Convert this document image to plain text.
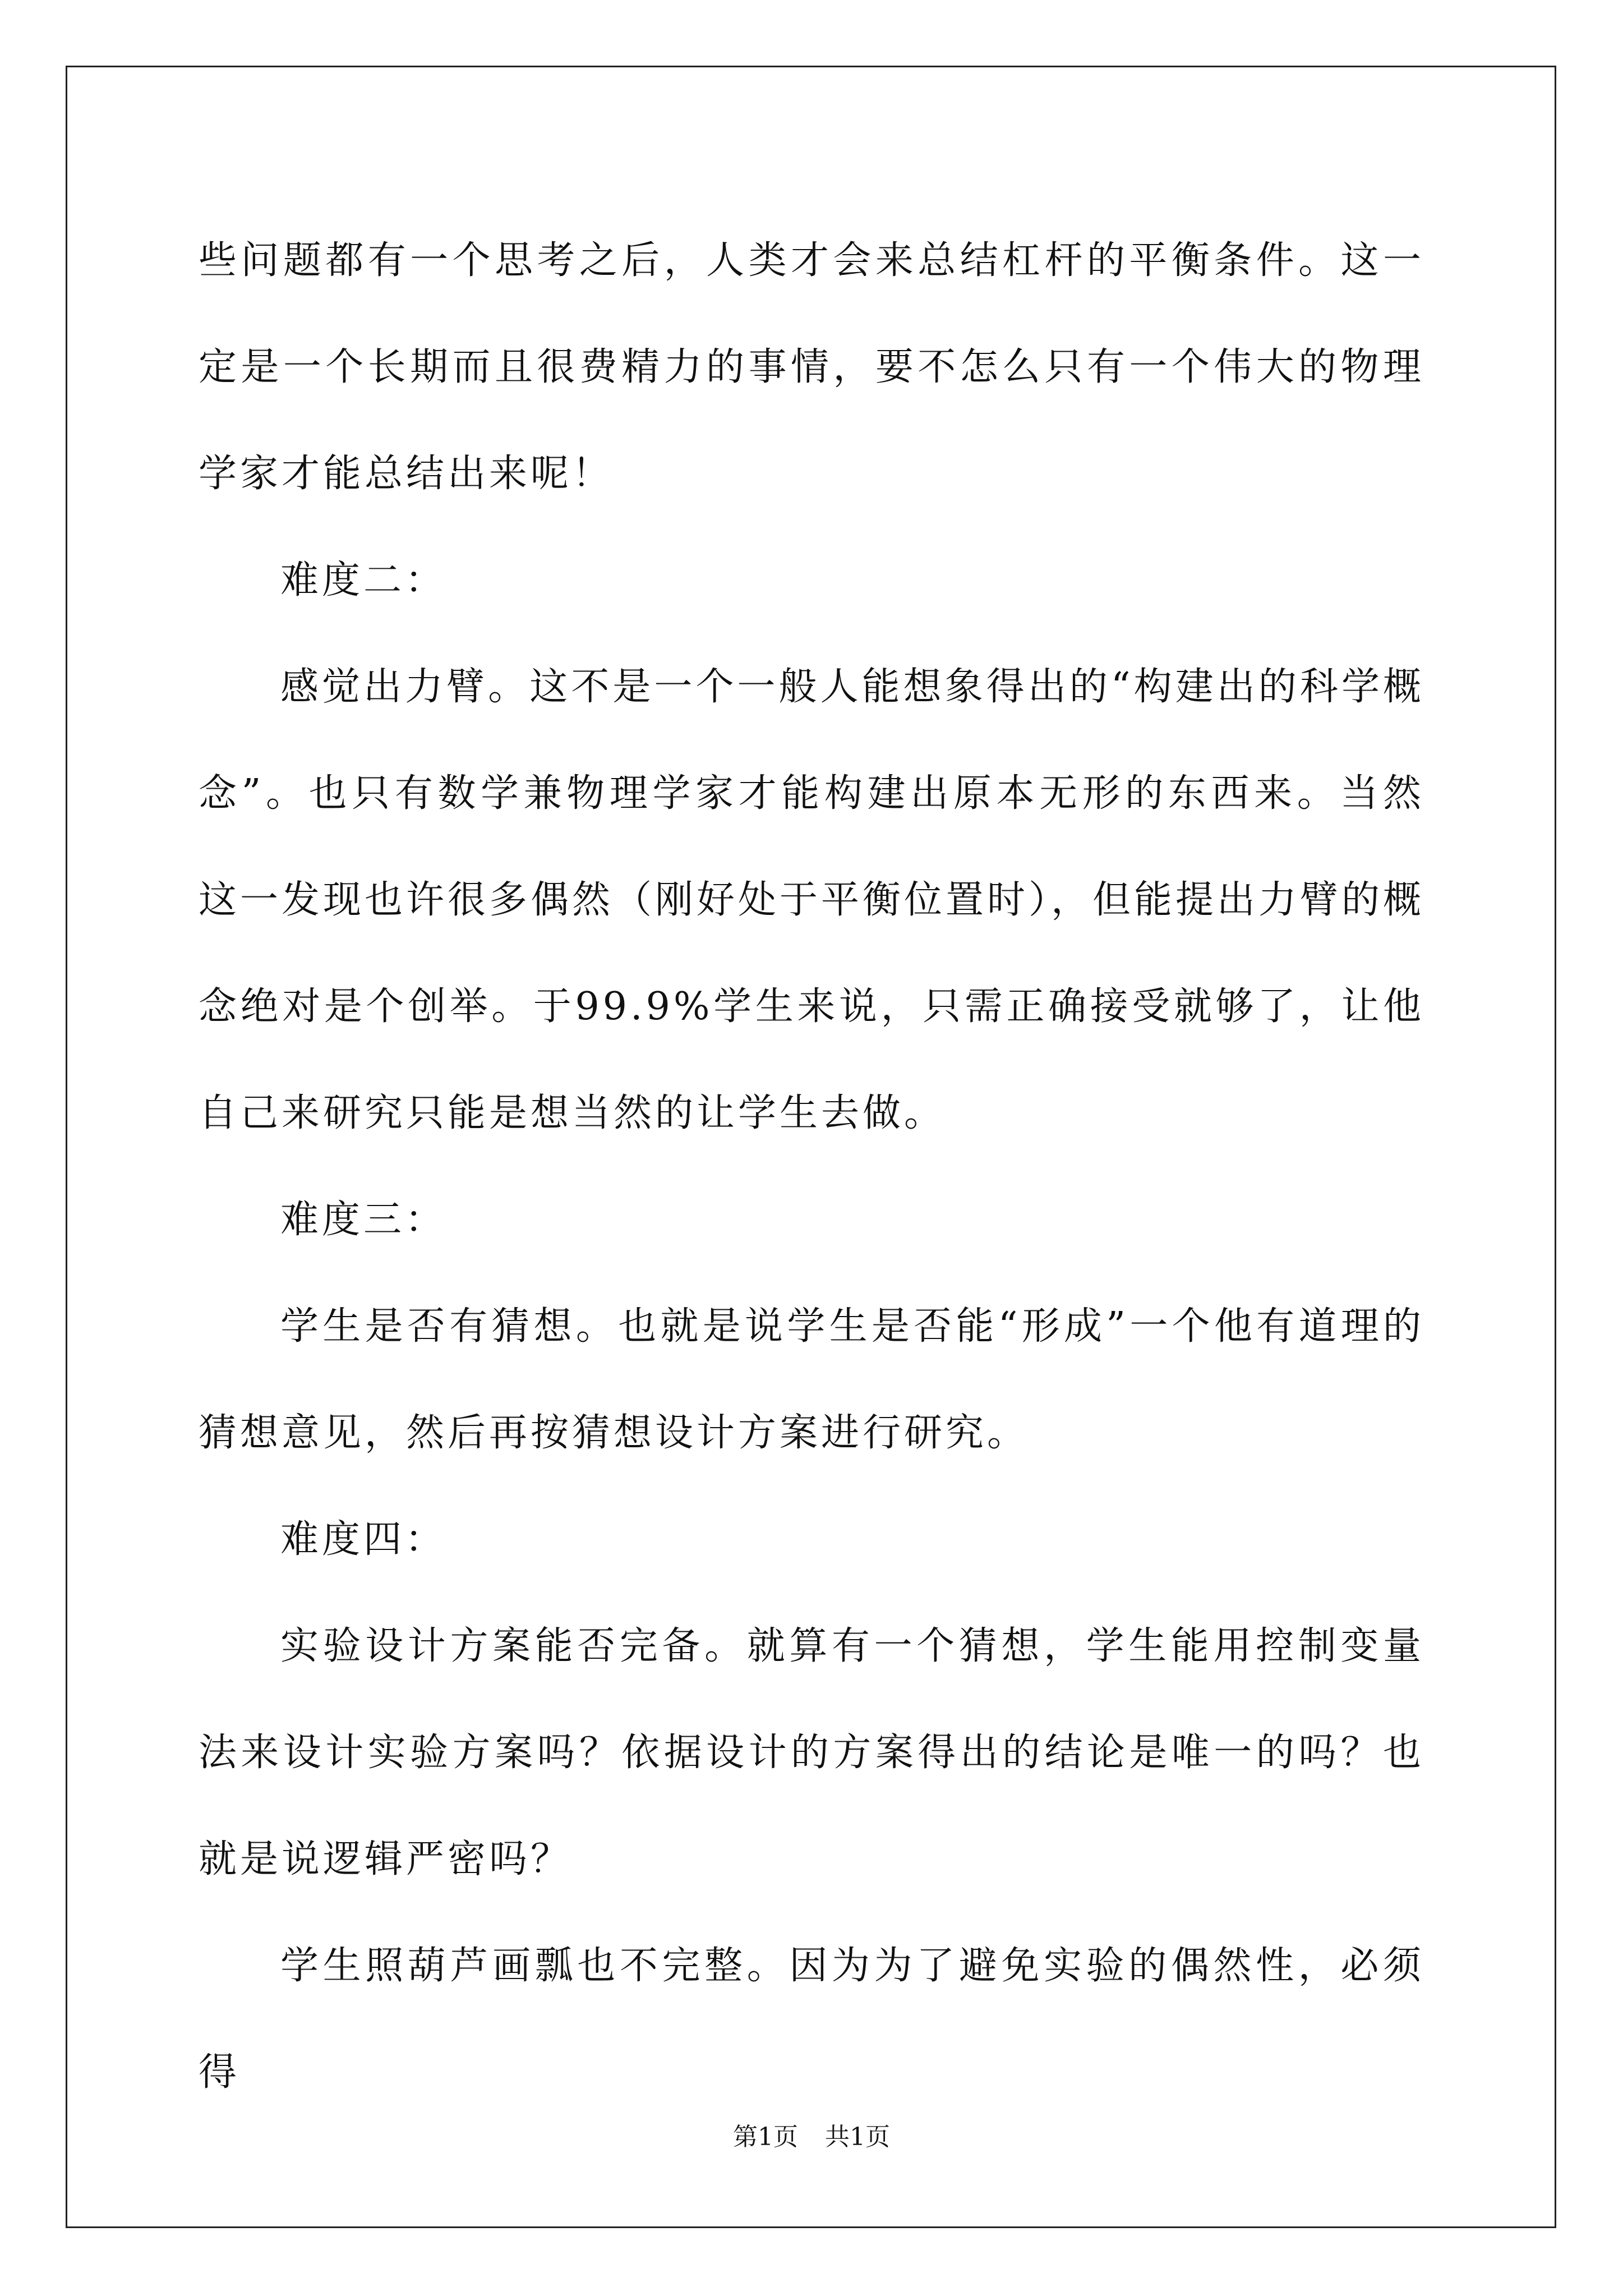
些问题都有一个思考之后，人类才会来总结杠杆的平衡条件。这一定是一个长期而且很费精力的事情，要不怎么只有一个伟大的物理学家才能总结出来呢！

难度二：

感觉出力臂。这不是一个一般人能想象得出的“构建出的科学概念”。也只有数学兼物理学家才能构建出原本无形的东西来。当然这一发现也许很多偶然（刚好处于平衡位置时），但能提出力臂的概念绝对是个创举。于99.9%学生来说，只需正确接受就够了，让他自己来研究只能是想当然的让学生去做。

难度三：

学生是否有猜想。也就是说学生是否能“形成”一个他有道理的猜想意见，然后再按猜想设计方案进行研究。

难度四：

实验设计方案能否完备。就算有一个猜想，学生能用控制变量法来设计实验方案吗？依据设计的方案得出的结论是唯一的吗？也就是说逻辑严密吗？

学生照葫芦画瓢也不完整。因为为了避免实验的偶然性，必须得

第1页 共1页
